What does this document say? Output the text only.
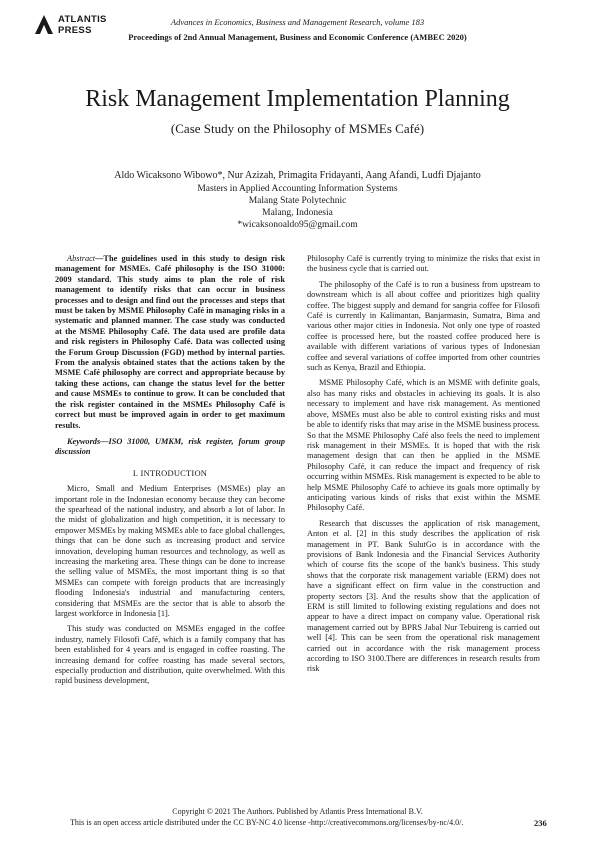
ATLANTIS
PRESS
Advances in Economics, Business and Management Research, volume 183
Proceedings of 2nd Annual Management, Business and Economic Conference (AMBEC 2020)
Risk Management Implementation Planning
(Case Study on the Philosophy of MSMEs Café)
Aldo Wicaksono Wibowo*, Nur Azizah, Primagita Fridayanti, Aang Afandi, Ludfi Djajanto
Masters in Applied Accounting Information Systems
Malang State Polytechnic
Malang, Indonesia
*wicaksonoaldo95@gmail.com

Abstract—The guidelines used in this study to design risk management for MSMEs. Café philosophy is the ISO 31000: 2009 standard. This study aims to plan the role of risk management to identify risks that can occur in business processes and to design and find out the processes and steps that must be taken by MSME Philosophy Café in managing risks in a systematic and planned manner. The case study was conducted at the MSME Philosophy Café. The data used are profile data and risk registers in Philosophy Café. Data was collected using the Forum Group Discussion (FGD) method by internal parties. From the analysis obtained states that the actions taken by the MSME Café philosophy are correct and appropriate because by taking these actions, can change the status level for the better and cause MSMEs to continue to grow. It can be concluded that the risk register contained in the MSMEs Philosophy Café is correct but must be improved again in order to get maximum results.

Keywords—ISO 31000, UMKM, risk register, forum group discussion

I. INTRODUCTION

Micro, Small and Medium Enterprises (MSMEs) play an important role in the Indonesian economy because they can become the spearhead of the national industry, and absorb a lot of labor. In the midst of globalization and high competition, it is necessary to empower MSMEs by making MSMEs able to face global challenges, things that can be done such as increasing product and service innovation, developing human resources and technology, as well as increasing the marketing area. These things can be done to increase the selling value of MSMEs, the most important thing is so that MSMEs can compete with foreign products that are increasingly flooding Indonesia's industrial and manufacturing centers, considering that MSMEs are the sector that is able to absorb the largest workforce in Indonesia [1].

This study was conducted on MSMEs engaged in the coffee industry, namely Filosofi Café, which is a family company that has been established for 4 years and is engaged in coffee roasting. The increasing demand for coffee roasting has made several sectors, especially production and distribution, quite overwhelmed. With this rapid business development,

Philosophy Café is currently trying to minimize the risks that exist in the business cycle that is carried out.

The philosophy of the Café is to run a business from upstream to downstream which is all about coffee and prioritizes high quality coffee. The biggest supply and demand for sangria coffee for Filosofi Café is currently in Kalimantan, Banjarmasin, Sumatra, Bima and various other major cities in Indonesia. Not only one type of roasted coffee is processed here, but the roasted coffee produced here is available with different variations of various types of Indonesian coffee and several variations of coffee imported from other countries such as Kenya, Brazil and Ethiopia.

MSME Philosophy Café, which is an MSME with definite goals, also has many risks and obstacles in achieving its goals. It is also necessary to implement and have risk management. As mentioned above, MSMEs must also be able to control existing risks and must be able to identify risks that may arise in the MSME business process. So that the MSME Philosophy Café also feels the need to implement risk management in their MSMEs. It is hoped that with the risk management design that can then be applied in the MSME Philosophy Café, it can reduce the impact and frequency of risk occurring within MSMEs. Risk management is expected to be able to help MSME Philosophy Café to achieve its goals more optimally by anticipating various kinds of risks that exist within the MSME Philosophy Café.

Research that discusses the application of risk management, Anton et al. [2] in this study describes the application of risk management in PT. Bank SulutGo is in accordance with the provisions of Bank Indonesia and the Financial Services Authority which of course fits the scope of the bank's business. This study shows that the corporate risk management variable (ERM) does not have a significant effect on firm value in the construction and property sectors [3]. And the results show that the application of ERM is still limited to following existing regulations and does not appear to have a direct impact on company value. Operational risk management carried out by BPRS Jabal Nur Tebuireng is carried out well [4]. This can be seen from the operational risk management carried out in accordance with the risk management process according to ISO 3100.There are differences in research results from risk

Copyright © 2021 The Authors. Published by Atlantis Press International B.V.
This is an open access article distributed under the CC BY-NC 4.0 license -http://creativecommons.org/licenses/by-nc/4.0/.	236
